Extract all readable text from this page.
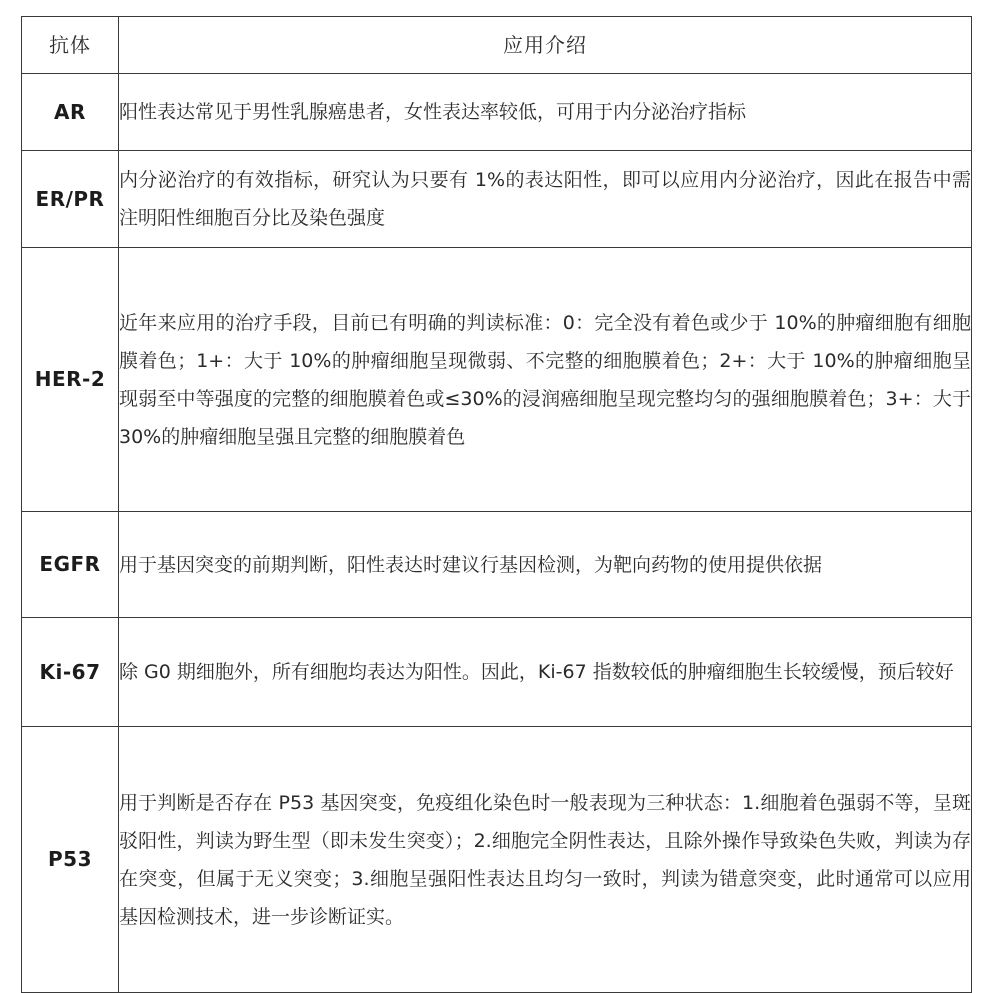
抗体	应用介绍

AR	阳性表达常见于男性乳腺癌患者，女性表达率较低，可用于内分泌治疗指标

ER/PR	内分泌治疗的有效指标，研究认为只要有 1%的表达阳性，即可以应用内分泌治疗，因此在报告中需注明阳性细胞百分比及染色强度

HER-2	近年来应用的治疗手段，目前已有明确的判读标准：0：完全没有着色或少于 10%的肿瘤细胞有细胞膜着色；1+：大于 10%的肿瘤细胞呈现微弱、不完整的细胞膜着色；2+：大于 10%的肿瘤细胞呈现弱至中等强度的完整的细胞膜着色或≤30%的浸润癌细胞呈现完整均匀的强细胞膜着色；3+：大于 30%的肿瘤细胞呈强且完整的细胞膜着色

EGFR	用于基因突变的前期判断，阳性表达时建议行基因检测，为靶向药物的使用提供依据

Ki-67	除 G0 期细胞外，所有细胞均表达为阳性。因此，Ki-67 指数较低的肿瘤细胞生长较缓慢，预后较好

P53	用于判断是否存在 P53 基因突变，免疫组化染色时一般表现为三种状态：1.细胞着色强弱不等，呈斑驳阳性，判读为野生型（即未发生突变）；2.细胞完全阴性表达，且除外操作导致染色失败，判读为存在突变，但属于无义突变；3.细胞呈强阳性表达且均匀一致时，判读为错意突变，此时通常可以应用基因检测技术，进一步诊断证实。
